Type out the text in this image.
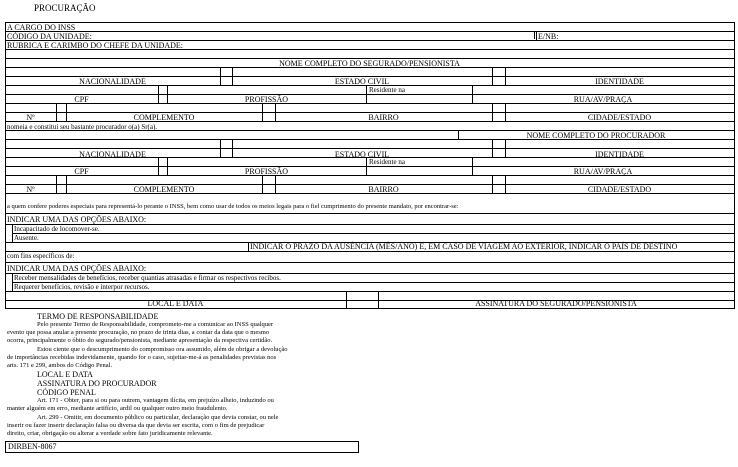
PROCURAÇÃO
A CARGO DO INSS
CÓDIGO DA UNIDADE:	E/NB:
RUBRICA E CARIMBO DO CHEFE DA UNIDADE:
NOME COMPLETO DO SEGURADO/PENSIONISTA
NACIONALIDADE	ESTADO CIVIL	IDENTIDADE
Residente na
CPF	PROFISSÃO	RUA/AV/PRAÇA
Nº	COMPLEMENTO	BAIRRO	CIDADE/ESTADO
nomeia e constitui seu bastante procurador o(a) Sr(a).
NOME COMPLETO DO PROCURADOR
NACIONALIDADE	ESTADO CIVIL	IDENTIDADE
Residente na
CPF	PROFISSÃO	RUA/AV/PRAÇA
Nº	COMPLEMENTO	BAIRRO	CIDADE/ESTADO
a quem confere poderes especiais para representá-lo perante o INSS, bem como usar de todos os meios legais para o fiel cumprimento do presente mandato, por encontrar-se:
INDICAR UMA DAS OPÇÕES ABAIXO:
Incapacitado de locomover-se.
Ausente.
INDICAR O PRAZO DA AUSÊNCIA (MÊS/ANO) E, EM CASO DE VIAGEM AO EXTERIOR, INDICAR O PAÍS DE DESTINO
com fins específicos de:
INDICAR UMA DAS OPÇÕES ABAIXO:
Receber mensalidades de benefícios, receber quantias atrasadas e firmar os respectivos recibos.
Requerer benefícios, revisão e interpor recursos.
LOCAL E DATA	ASSINATURA DO SEGURADO/PENSIONISTA
TERMO DE RESPONSABILIDADE
Pelo presente Termo de Responsabilidade, comprometo-me a comunicar ao INSS qualquer
evento que possa anular a presente procuração, no prazo de trinta dias, a contar da data que o mesmo
ocorra, principalmente o óbito do segurado/pensionista, mediante apresentação da respectiva certidão.
Estou ciente que o descumprimento do compromisso ora assumido, além de obrigar a devolução
de importâncias recebidas indevidamente, quando for o caso, sujeitar-me-á as penalidades previstas nos
arts. 171 e 299, ambos do Código Penal.
LOCAL E DATA
ASSINATURA DO PROCURADOR
CÓDIGO PENAL
Art. 171 - Obter, para si ou para outrem, vantagem ilícita, em prejuízo alheio, induzindo ou
manter alguém em erro, mediante artifício, ardil ou qualquer outro meio fraudulento.
Art. 299 - Omitir, em documento público ou particular, declaração que devia constar, ou nele
inserir ou fazer inserir declaração falsa ou diversa da que devia ser escrita, com o fim de prejudicar
direito, criar, obrigação ou alterar a verdade sobre fato juridicamente relevante.
DIRBEN-8067
